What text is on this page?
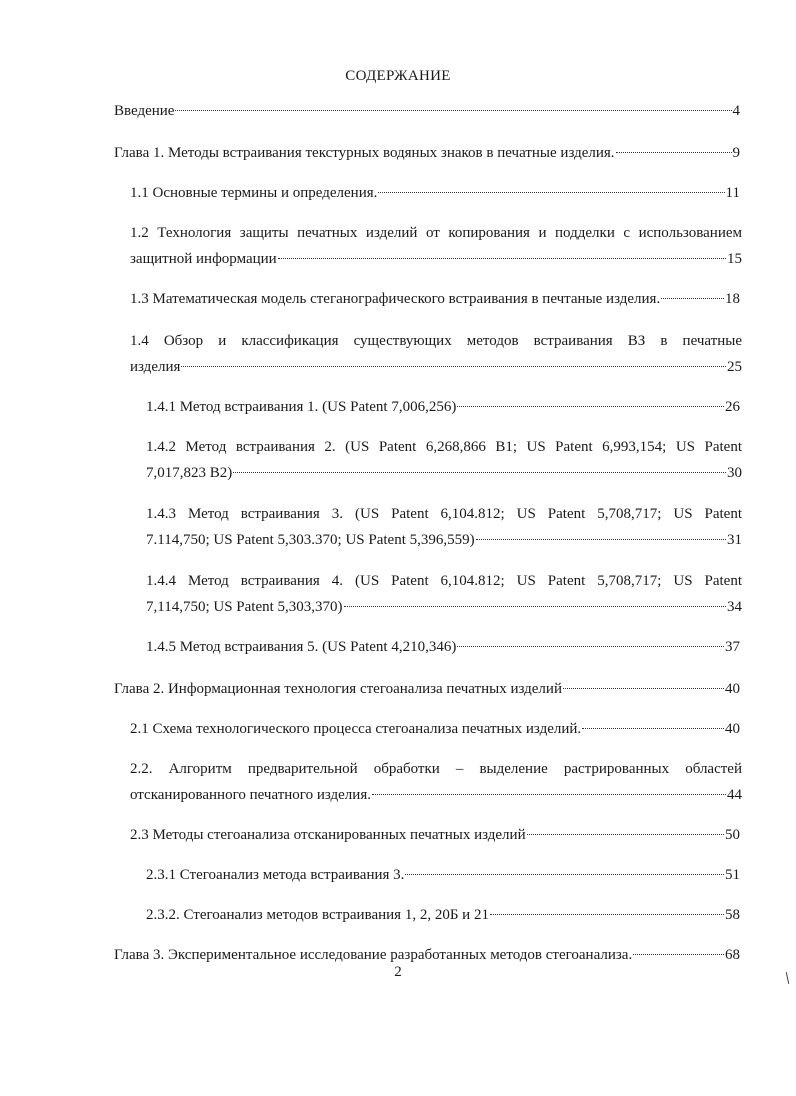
СОДЕРЖАНИЕ
Введение	4
Глава 1. Методы встраивания текстурных водяных знаков в печатные изделия.	9
1.1 Основные термины и определения.	11
1.2 Технология защиты печатных изделий от копирования и подделки с использованием
защитной информации	15
1.3 Математическая модель стеганографического встраивания в печтаные изделия.	18
1.4 Обзор и классификация существующих методов встраивания ВЗ в печатные
изделия	25
1.4.1 Метод встраивания 1. (US Patent 7,006,256)	26
1.4.2 Метод встраивания 2. (US Patent 6,268,866 B1; US Patent 6,993,154; US Patent
7,017,823 B2)	30
1.4.3 Метод встраивания 3. (US Patent 6,104.812; US Patent 5,708,717; US Patent
7.114,750; US Patent 5,303.370; US Patent 5,396,559)	31
1.4.4 Метод встраивания 4. (US Patent 6,104.812; US Patent 5,708,717; US Patent
7,114,750; US Patent 5,303,370)	34
1.4.5 Метод встраивания 5. (US Patent 4,210,346)	37
Глава 2. Информационная технология стегоанализа печатных изделий	40
2.1 Схема технологического процесса стегоанализа печатных изделий.	40
2.2. Алгоритм предварительной обработки – выделение растрированных областей
отсканированного печатного изделия.	44
2.3 Методы стегоанализа отсканированных печатных изделий	50
2.3.1 Стегоанализ метода встраивания 3.	51
2.3.2. Стегоанализ методов встраивания 1, 2, 20Б и 21	58
Глава 3. Экспериментальное исследование разработанных методов стегоанализа.	68
2
